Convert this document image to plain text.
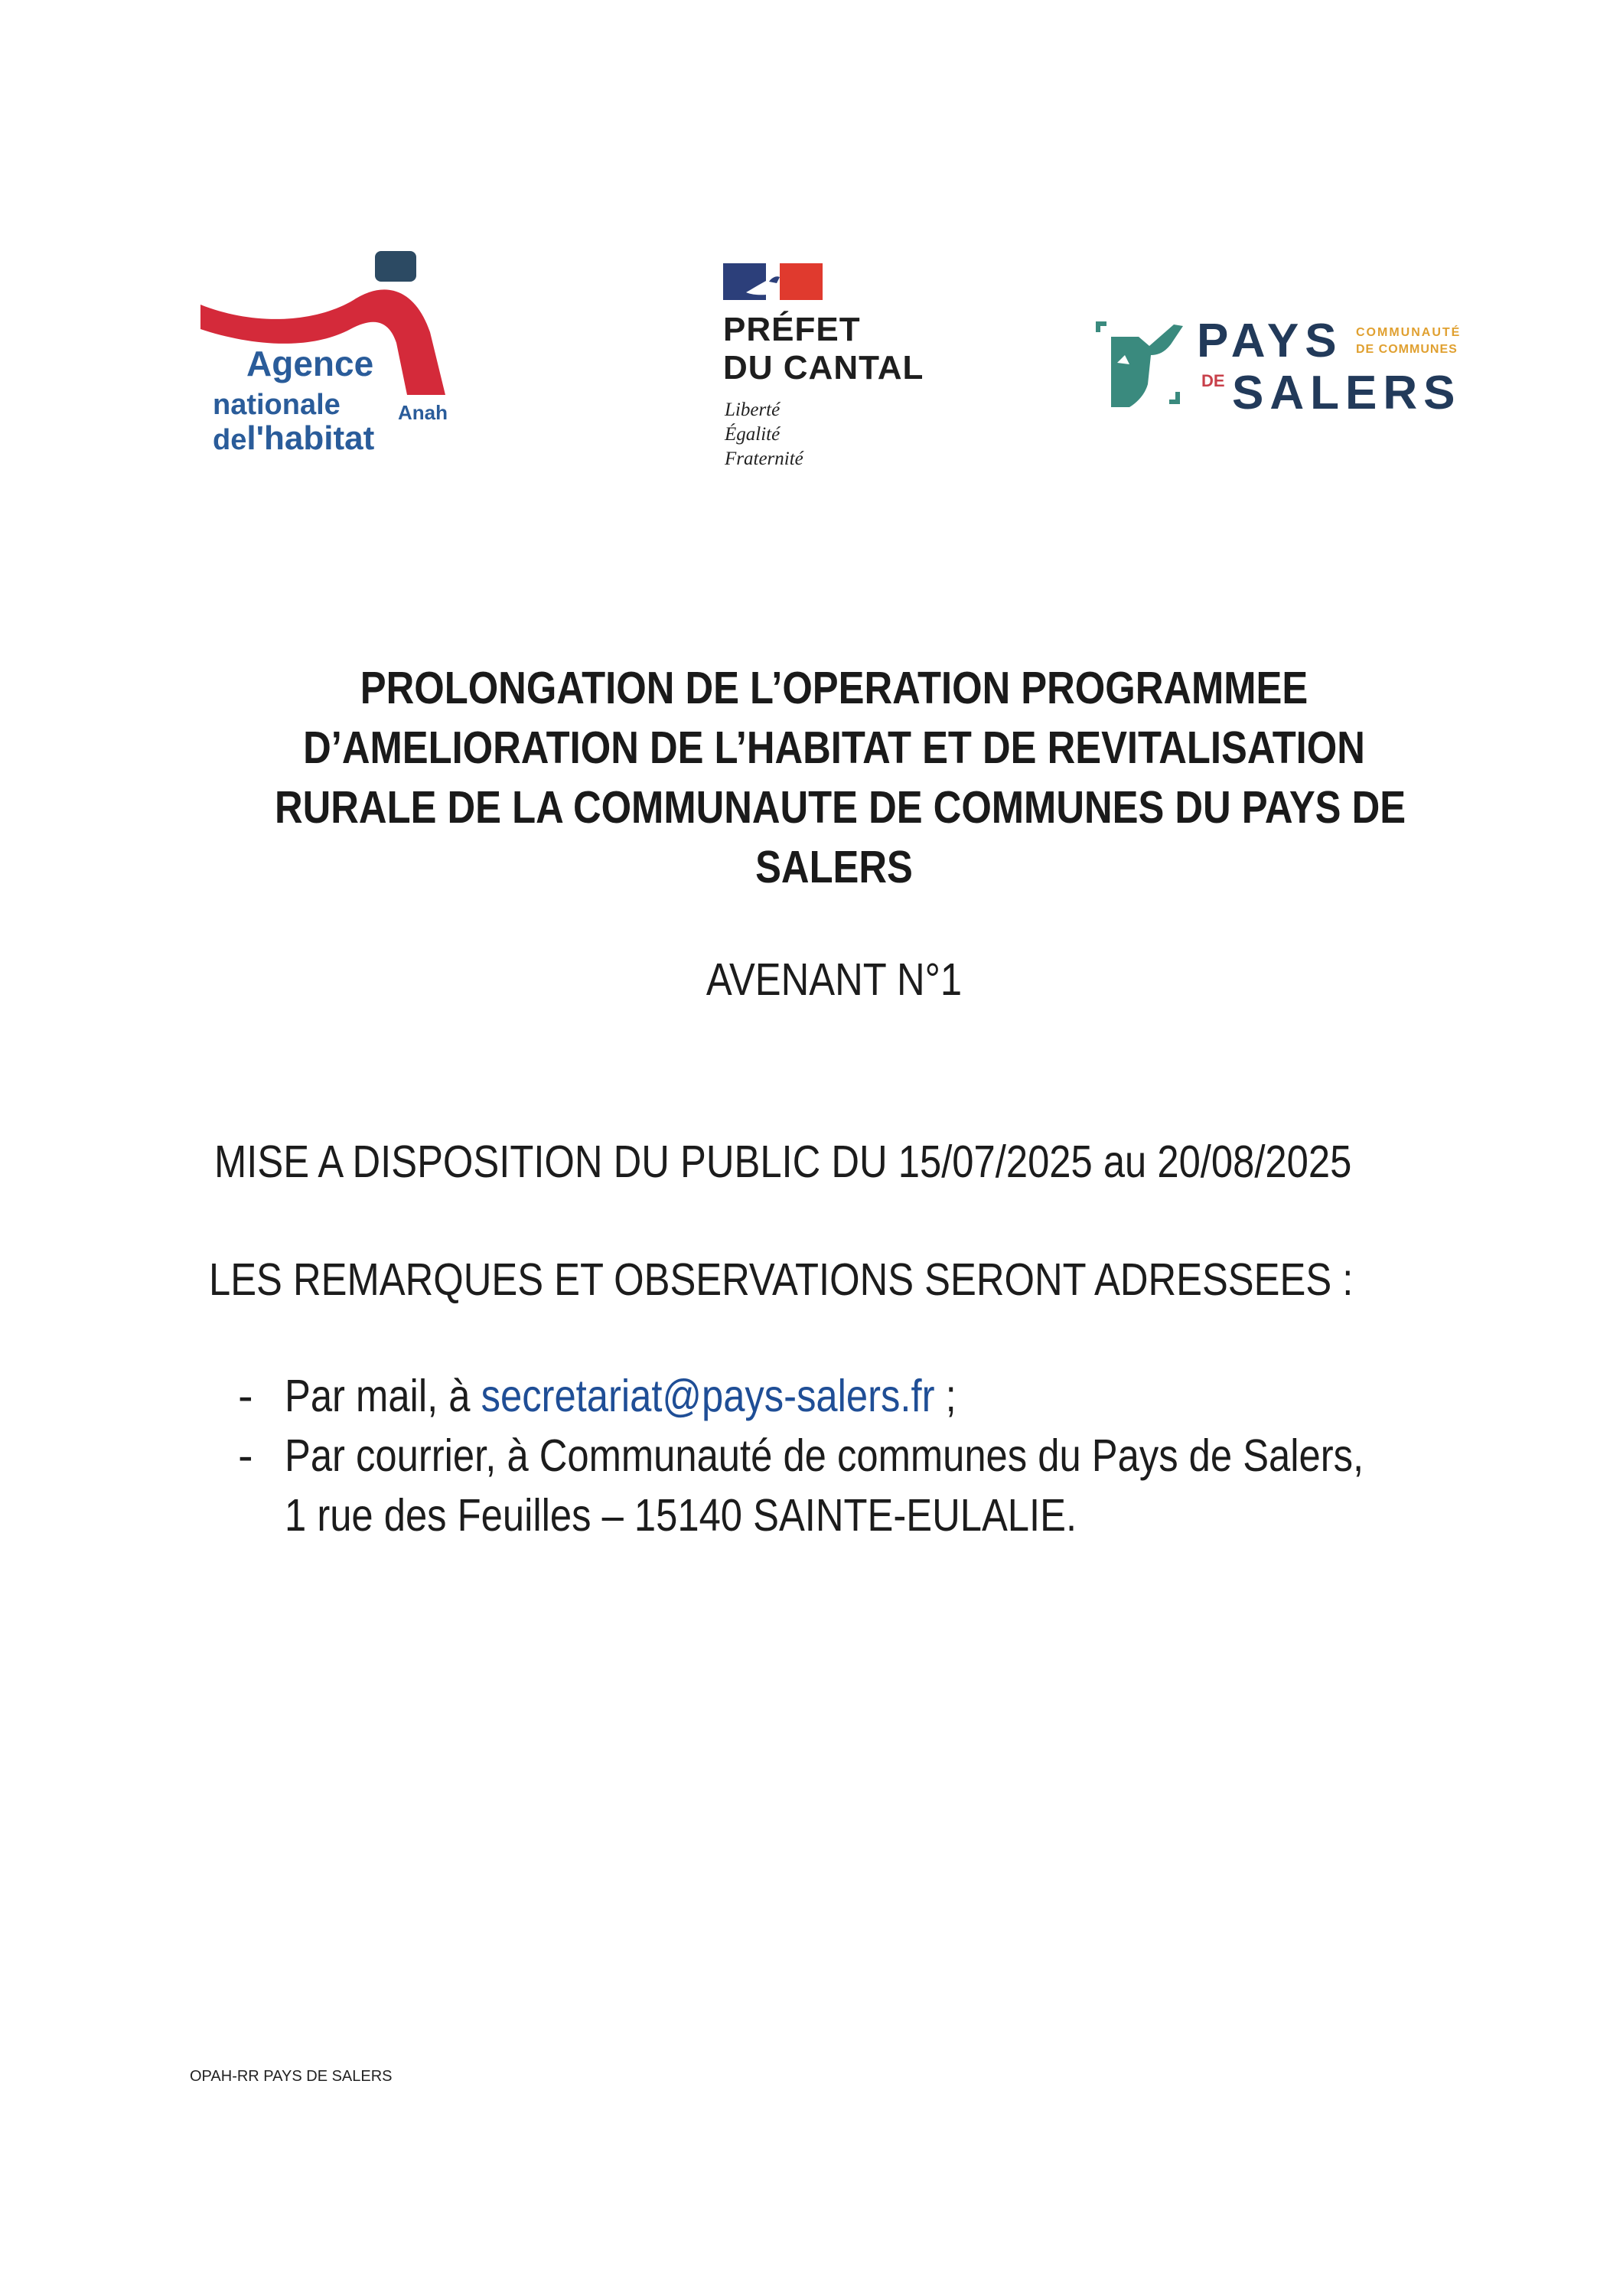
Agence
nationale	Anah
del'habitat
PRÉFET
DU CANTAL
Liberté
Égalité
Fraternité
PAYS
DE SALERS
COMMUNAUTÉ
DE COMMUNES
PROLONGATION DE L’OPERATION PROGRAMMEE
D’AMELIORATION DE L’HABITAT ET DE REVITALISATION
RURALE DE LA COMMUNAUTE DE COMMUNES DU PAYS DE
SALERS
AVENANT N°1
MISE A DISPOSITION DU PUBLIC DU 15/07/2025 au 20/08/2025
LES REMARQUES ET OBSERVATIONS SERONT ADRESSEES :
-
-
Par mail, à secretariat@pays-salers.fr ;
Par courrier, à Communauté de communes du Pays de Salers,
1 rue des Feuilles – 15140 SAINTE-EULALIE.
OPAH-RR PAYS DE SALERS
